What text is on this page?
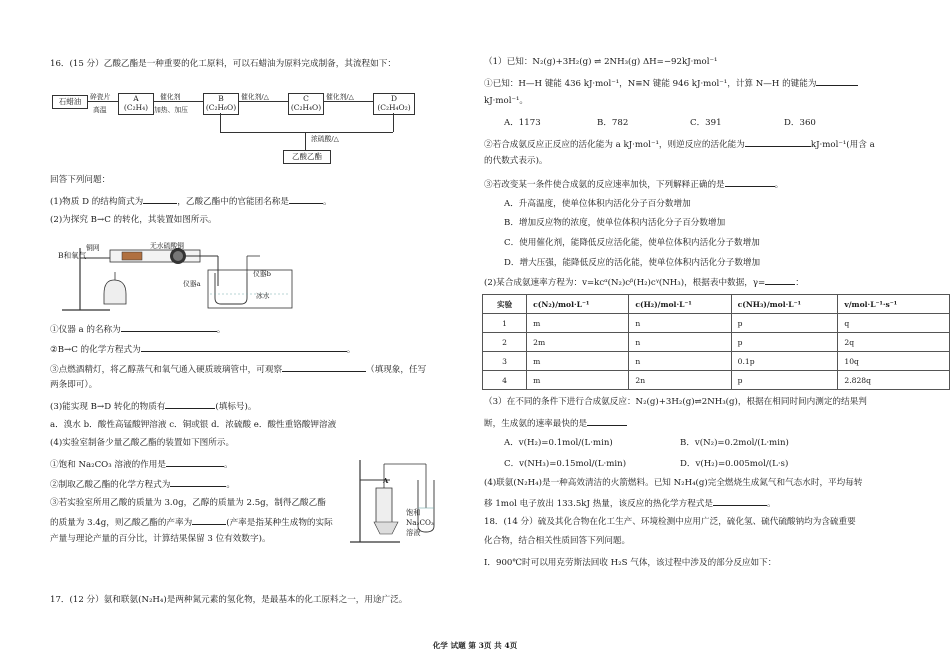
16．(15 分）乙酸乙酯是一种重要的化工原料，可以石蜡油为原料完成制备，其流程如下：
石蜡油	碎瓷片
高温
A
(C₂H₄)
催化剂
加热、加压
B
(C₂H₆O)
催化剂/△	C
(C₂H₄O)
催化剂/△	D
(C₂H₄O₂)
浓硫酸/△
乙酸乙酯
回答下列问题：
(1)物质 D 的结构简式为	，乙酸乙酯中的官能团名称是	。
(2)为探究 B→C 的转化，其装置如图所示。
B和氧气
铜网	无水硫酸铜
仪器a
仪器b
冰水
①仪器 a 的名称为	。
②B→C 的化学方程式为	。
③点燃酒精灯，将乙醇蒸气和氧气通入硬质玻璃管中，可观察	（填现象，任写
两条即可）。
(3)能实现 B→D 转化的物质有	(填标号)。
a．溴水 b．酸性高锰酸钾溶液 c．铜或银 d．浓硫酸 e．酸性重铬酸钾溶液
(4)实验室制备少量乙酸乙酯的装置如下图所示。
①饱和 Na₂CO₃ 溶液的作用是	。
②制取乙酸乙酯的化学方程式为	。
③若实验室所用乙酸的质量为 3.0g，乙醇的质量为 2.5g，制得乙酸乙酯
的质量为 3.4g，则乙酸乙酯的产率为	(产率是指某种生成物的实际
产量与理论产量的百分比，计算结果保留 3 位有效数字)。
A
饱和
Na₂CO₃
溶液
17．(12 分）氨和联氨(N₂H₄)是两种氮元素的氢化物，是最基本的化工原料之一，用途广泛。
（1）已知：N₂(g)+3H₂(g) ⇌ 2NH₃(g) ΔH=−92kJ·mol⁻¹
①已知：H—H 键能 436 kJ·mol⁻¹，N≡N 键能 946 kJ·mol⁻¹，计算 N—H 的键能为
kJ·mol⁻¹。
A．1173	B．782	C．391	D．360
②若合成氨反应正反应的活化能为 a kJ·mol⁻¹，则逆反应的活化能为	kJ·mol⁻¹(用含 a
的代数式表示)。
③若改变某一条件使合成氨的反应速率加快，下列解释正确的是	。
A．升高温度，使单位体积内活化分子百分数增加
B．增加反应物的浓度，使单位体积内活化分子百分数增加
C．使用催化剂，能降低反应活化能，使单位体积内活化分子数增加
D．增大压强，能降低反应的活化能，使单位体积内活化分子数增加
(2)某合成氨速率方程为：v=kcᵅ(N₂)cᵝ(H₂)cᵞ(NH₃)，根据表中数据，γ=	：
实验	c(N₂)/mol·L⁻¹	c(H₂)/mol·L⁻¹	c(NH₃)/mol·L⁻¹	v/mol·L⁻¹·s⁻¹
1	m	n	p	q
2	2m	n	p	2q
3	m	n	0.1p	10q
4	m	2n	p	2.828q
（3）在不同的条件下进行合成氨反应：N₂(g)+3H₂(g)⇌2NH₃(g)，根据在相同时间内测定的结果判
断，生成氨的速率最快的是
A．v(H₂)=0.1mol/(L·min)	B．v(N₂)=0.2mol/(L·min)
C．v(NH₃)=0.15mol/(L·min)	D．v(H₂)=0.005mol/(L·s)
(4)联氨(N₂H₄)是一种高效清洁的火箭燃料。已知 N₂H₄(g)完全燃烧生成氮气和气态水时，平均每转
移 1mol 电子放出 133.5kJ 热量，该反应的热化学方程式是	。
18．(14 分）硫及其化合物在化工生产、环境检测中应用广泛，硫化氢、硫代硫酸钠均为含硫重要
化合物，结合相关性质回答下列问题。
Ⅰ．900℃时可以用克劳斯法回收 H₂S 气体，该过程中涉及的部分反应如下：
化学 试题 第 3页 共 4页
